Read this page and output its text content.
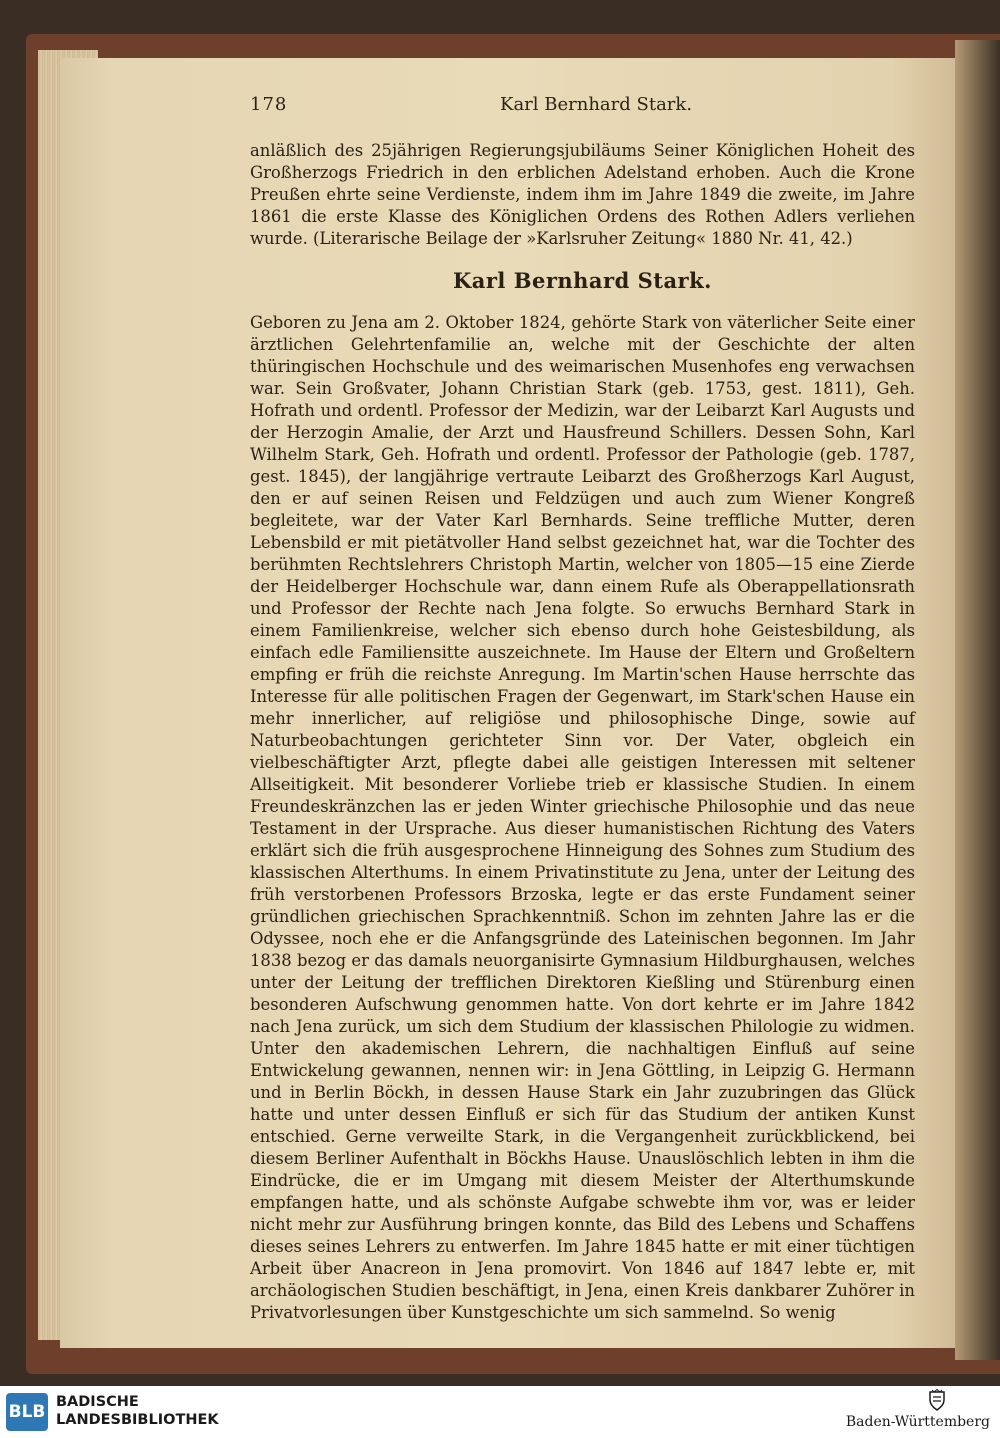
178	Karl Bernhard Stark.

anläßlich des 25jährigen Regierungsjubiläums Seiner Königlichen Hoheit des Großherzogs Friedrich in den erblichen Adelstand erhoben. Auch die Krone Preußen ehrte seine Verdienste, indem ihm im Jahre 1849 die zweite, im Jahre 1861 die erste Klasse des Königlichen Ordens des Rothen Adlers verliehen wurde. (Literarische Beilage der »Karlsruher Zeitung« 1880 Nr. 41, 42.)

Karl Bernhard Stark.

Geboren zu Jena am 2. Oktober 1824, gehörte Stark von väterlicher Seite einer ärztlichen Gelehrtenfamilie an, welche mit der Geschichte der alten thüringischen Hochschule und des weimarischen Musenhofes eng verwachsen war. Sein Großvater, Johann Christian Stark (geb. 1753, gest. 1811), Geh. Hofrath und ordentl. Professor der Medizin, war der Leibarzt Karl Augusts und der Herzogin Amalie, der Arzt und Hausfreund Schillers. Dessen Sohn, Karl Wilhelm Stark, Geh. Hofrath und ordentl. Professor der Pathologie (geb. 1787, gest. 1845), der langjährige vertraute Leibarzt des Großherzogs Karl August, den er auf seinen Reisen und Feldzügen und auch zum Wiener Kongreß begleitete, war der Vater Karl Bernhards. Seine treffliche Mutter, deren Lebensbild er mit pietätvoller Hand selbst gezeichnet hat, war die Tochter des berühmten Rechtslehrers Christoph Martin, welcher von 1805—15 eine Zierde der Heidelberger Hochschule war, dann einem Rufe als Oberappellationsrath und Professor der Rechte nach Jena folgte. So erwuchs Bernhard Stark in einem Familienkreise, welcher sich ebenso durch hohe Geistesbildung, als einfach edle Familiensitte auszeichnete. Im Hause der Eltern und Großeltern empfing er früh die reichste Anregung. Im Martin'schen Hause herrschte das Interesse für alle politischen Fragen der Gegenwart, im Stark'schen Hause ein mehr innerlicher, auf religiöse und philosophische Dinge, sowie auf Naturbeobachtungen gerichteter Sinn vor. Der Vater, obgleich ein vielbeschäftigter Arzt, pflegte dabei alle geistigen Interessen mit seltener Allseitigkeit. Mit besonderer Vorliebe trieb er klassische Studien. In einem Freundeskränzchen las er jeden Winter griechische Philosophie und das neue Testament in der Ursprache. Aus dieser humanistischen Richtung des Vaters erklärt sich die früh ausgesprochene Hinneigung des Sohnes zum Studium des klassischen Alterthums. In einem Privatinstitute zu Jena, unter der Leitung des früh verstorbenen Professors Brzoska, legte er das erste Fundament seiner gründlichen griechischen Sprachkenntniß. Schon im zehnten Jahre las er die Odyssee, noch ehe er die Anfangsgründe des Lateinischen begonnen. Im Jahr 1838 bezog er das damals neuorganisirte Gymnasium Hildburghausen, welches unter der Leitung der trefflichen Direktoren Kießling und Stürenburg einen besonderen Aufschwung genommen hatte. Von dort kehrte er im Jahre 1842 nach Jena zurück, um sich dem Studium der klassischen Philologie zu widmen. Unter den akademischen Lehrern, die nachhaltigen Einfluß auf seine Entwickelung gewannen, nennen wir: in Jena Göttling, in Leipzig G. Hermann und in Berlin Böckh, in dessen Hause Stark ein Jahr zuzubringen das Glück hatte und unter dessen Einfluß er sich für das Studium der antiken Kunst entschied. Gerne verweilte Stark, in die Vergangenheit zurückblickend, bei diesem Berliner Aufenthalt in Böckhs Hause. Unauslöschlich lebten in ihm die Eindrücke, die er im Umgang mit diesem Meister der Alterthumskunde empfangen hatte, und als schönste Aufgabe schwebte ihm vor, was er leider nicht mehr zur Ausführung bringen konnte, das Bild des Lebens und Schaffens dieses seines Lehrers zu entwerfen. Im Jahre 1845 hatte er mit einer tüchtigen Arbeit über Anacreon in Jena promovirt. Von 1846 auf 1847 lebte er, mit archäologischen Studien beschäftigt, in Jena, einen Kreis dankbarer Zuhörer in Privatvorlesungen über Kunstgeschichte um sich sammelnd. So wenig

BLB BADISCHE
LANDESBIBLIOTHEK	Baden-Württemberg
